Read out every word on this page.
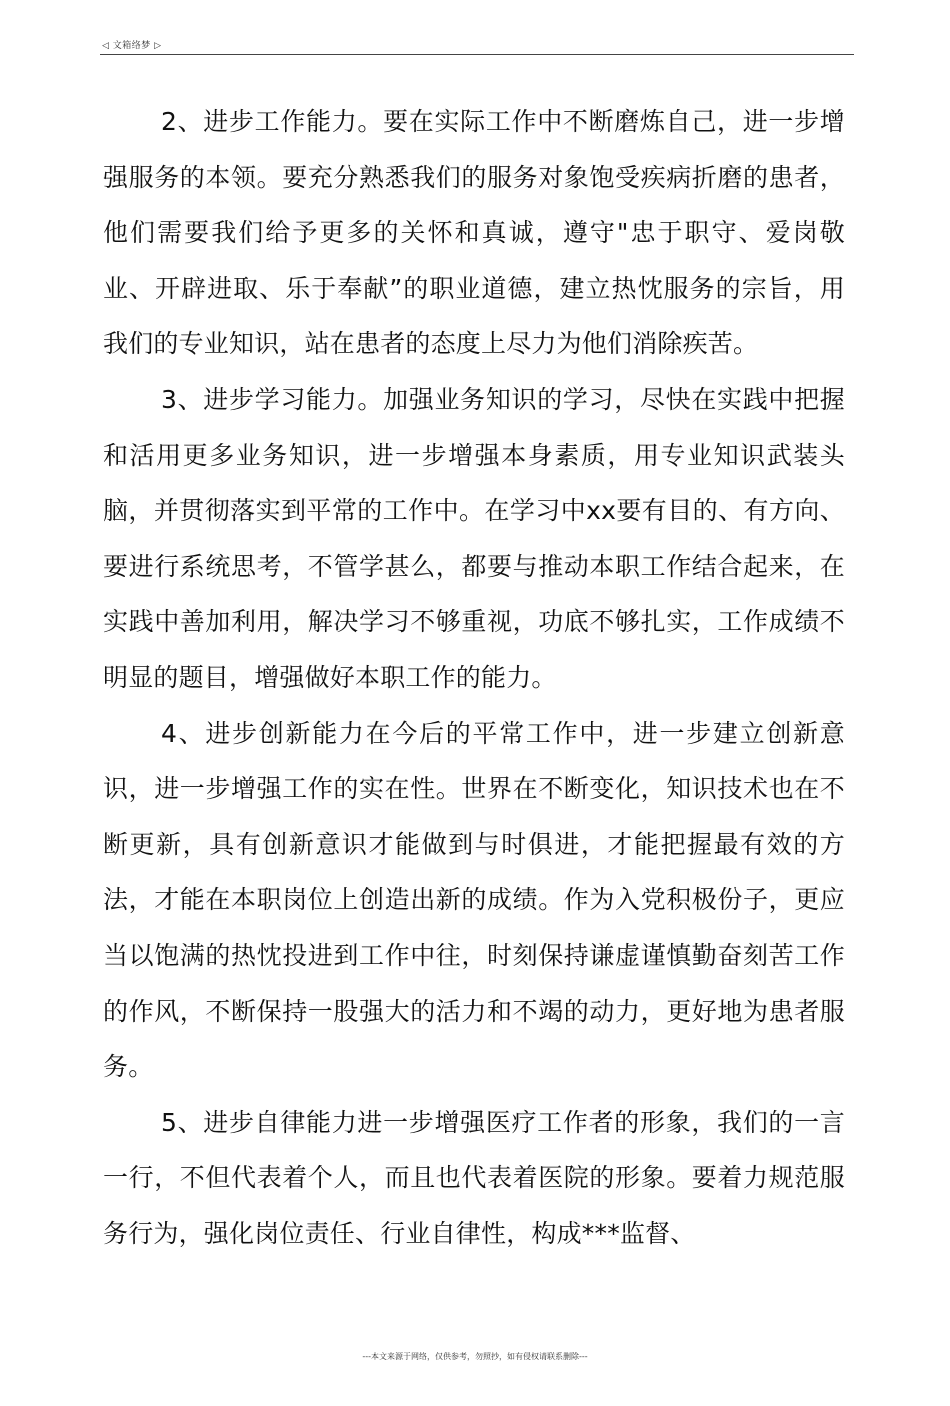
◁ 文箱络梦 ▷

2、进步工作能力。要在实际工作中不断磨炼自己，进一步增强服务的本领。要充分熟悉我们的服务对象饱受疾病折磨的患者，他们需要我们给予更多的关怀和真诚，遵守"忠于职守、爱岗敬业、开辟进取、乐于奉献”的职业道德，建立热忱服务的宗旨，用我们的专业知识，站在患者的态度上尽力为他们消除疾苦。

3、进步学习能力。加强业务知识的学习，尽快在实践中把握和活用更多业务知识，进一步增强本身素质，用专业知识武装头脑，并贯彻落实到平常的工作中。在学习中xx要有目的、有方向、要进行系统思考，不管学甚么，都要与推动本职工作结合起来，在实践中善加利用，解决学习不够重视，功底不够扎实，工作成绩不明显的题目，增强做好本职工作的能力。

4、进步创新能力在今后的平常工作中，进一步建立创新意识，进一步增强工作的实在性。世界在不断变化，知识技术也在不断更新，具有创新意识才能做到与时俱进，才能把握最有效的方法，才能在本职岗位上创造出新的成绩。作为入党积极份子，更应当以饱满的热忱投进到工作中往，时刻保持谦虚谨慎勤奋刻苦工作的作风，不断保持一股强大的活力和不竭的动力，更好地为患者服务。

5、进步自律能力进一步增强医疗工作者的形象，我们的一言一行，不但代表着个人，而且也代表着医院的形象。要着力规范服务行为，强化岗位责任、行业自律性，构成***监督、

---本文来源于网络，仅供参考，勿照抄，如有侵权请联系删除---
